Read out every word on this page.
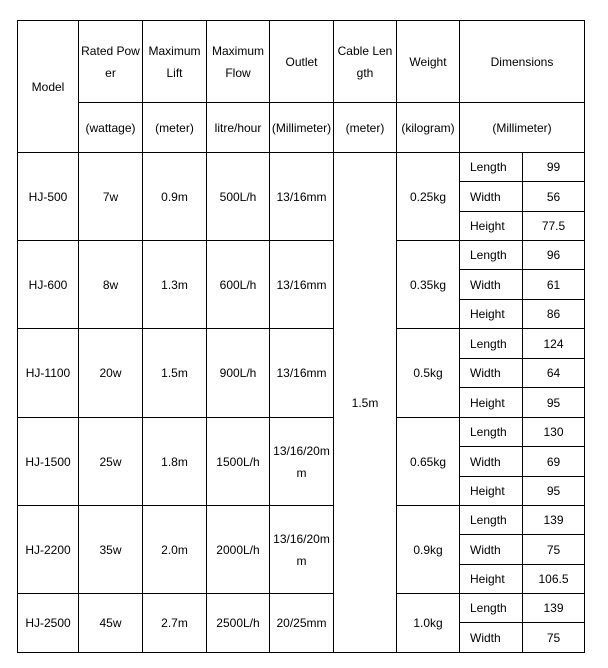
Model	Rated Power	Maximum Lift	Maximum Flow	Outlet	Cable Length	Weight	Dimensions	
	(wattage)	(meter)	litre/hour	(Millimeter)	(meter)	(kilogram)	(Millimeter)	
HJ-500	7w	0.9m	500L/h	13/16mm	1.5m	0.25kg	Length	99
							Width	56
							Height	77.5
HJ-600	8w	1.3m	600L/h	13/16mm		0.35kg	Length	96
							Width	61
							Height	86
HJ-1100	20w	1.5m	900L/h	13/16mm		0.5kg	Length	124
							Width	64
							Height	95
HJ-1500	25w	1.8m	1500L/h	13/16/20mm		0.65kg	Length	130
							Width	69
							Height	95
HJ-2200	35w	2.0m	2000L/h	13/16/20mm		0.9kg	Length	139
							Width	75
							Height	106.5
HJ-2500	45w	2.7m	2500L/h	20/25mm		1.0kg	Length	139
							Width	75
